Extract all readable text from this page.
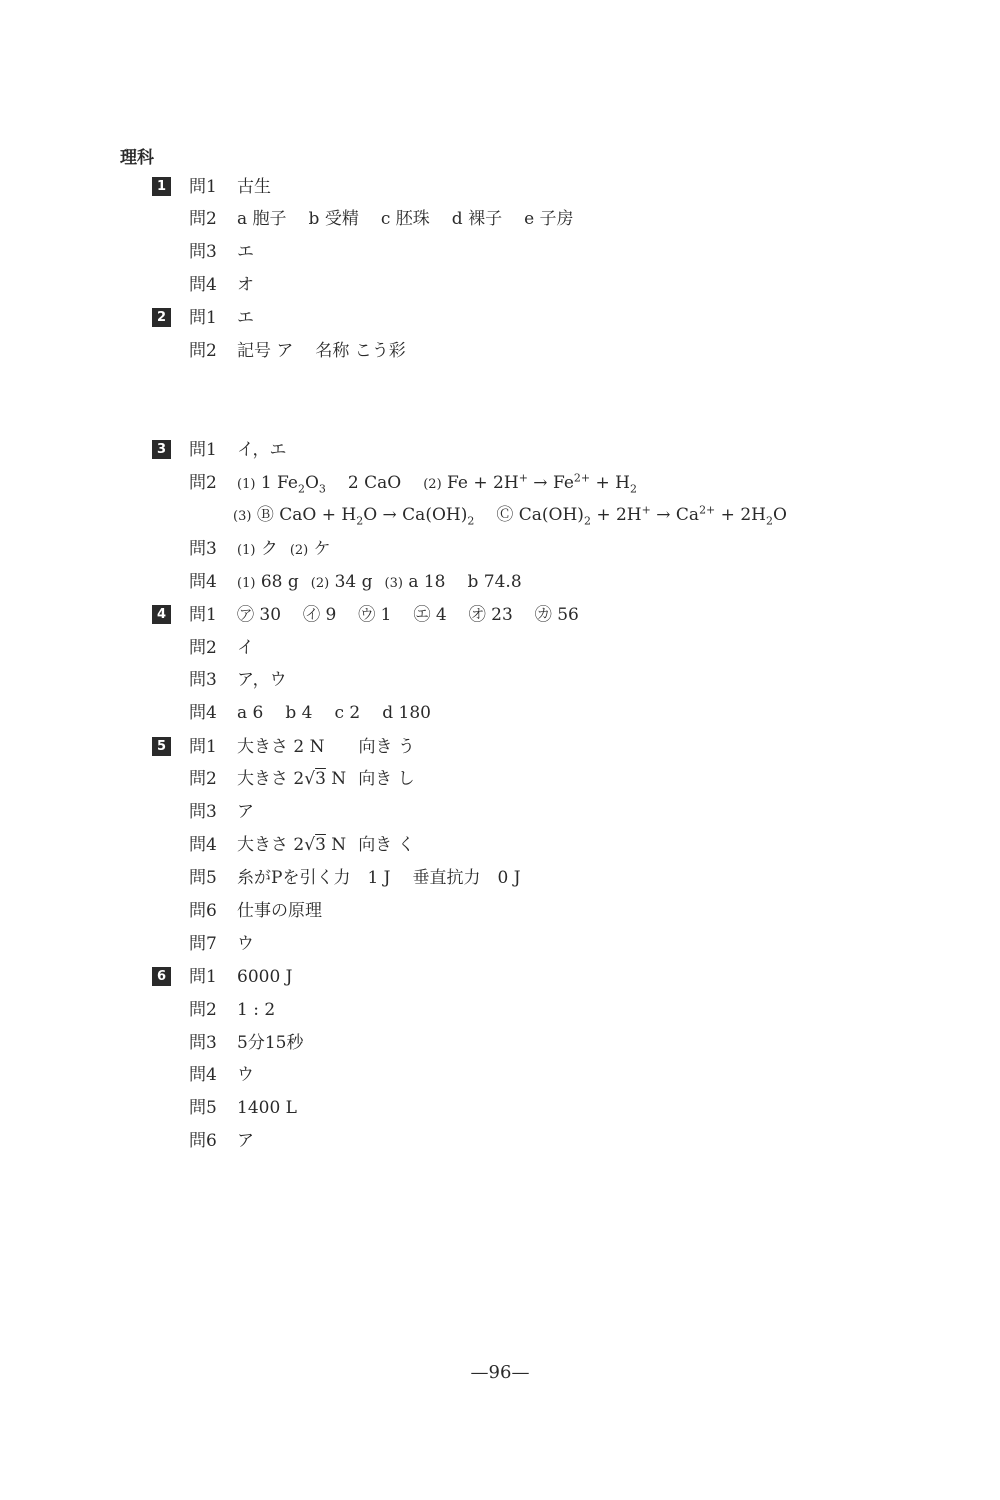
理科
1 問1 古生
問2 a 胞子 b 受精 c 胚珠 d 裸子 e 子房
問3 エ
問4 オ
2 問1 エ
問2 記号 ア 名称 こう彩
3 問1 イ，エ
問2 (1) 1 $Fe_2O_3$ 2 CaO (2) $Fe + 2H^+ \to Fe^{2+} + H_2$
(3) Ⓑ CaO + $H_2O \to Ca(OH)_2$ Ⓒ $Ca(OH)_2 + 2H^+ \to Ca^{2+} + 2H_2O$
問3 (1) ク (2) ケ
問4 (1) 68 g (2) 34 g (3) a 18 b 74.8
4 問1 ㋐ 30 ㋑ 9 ㋒ 1 ㋓ 4 ㋔ 23 ㋕ 56
問2 イ
問3 ア，ウ
問4 a 6 b 4 c 2 d 180
5 問1 大きさ 2 N 向き う
問2 大きさ 2√3 N 向き し
問3 ア
問4 大きさ 2√3 N 向き く
問5 糸がPを引く力　1 J 垂直抗力　0 J
問6 仕事の原理
問7 ウ
6 問1 6000 J
問2 1 : 2
問3 5分15秒
問4 ウ
問5 1400 L
問6 ア
—96—
